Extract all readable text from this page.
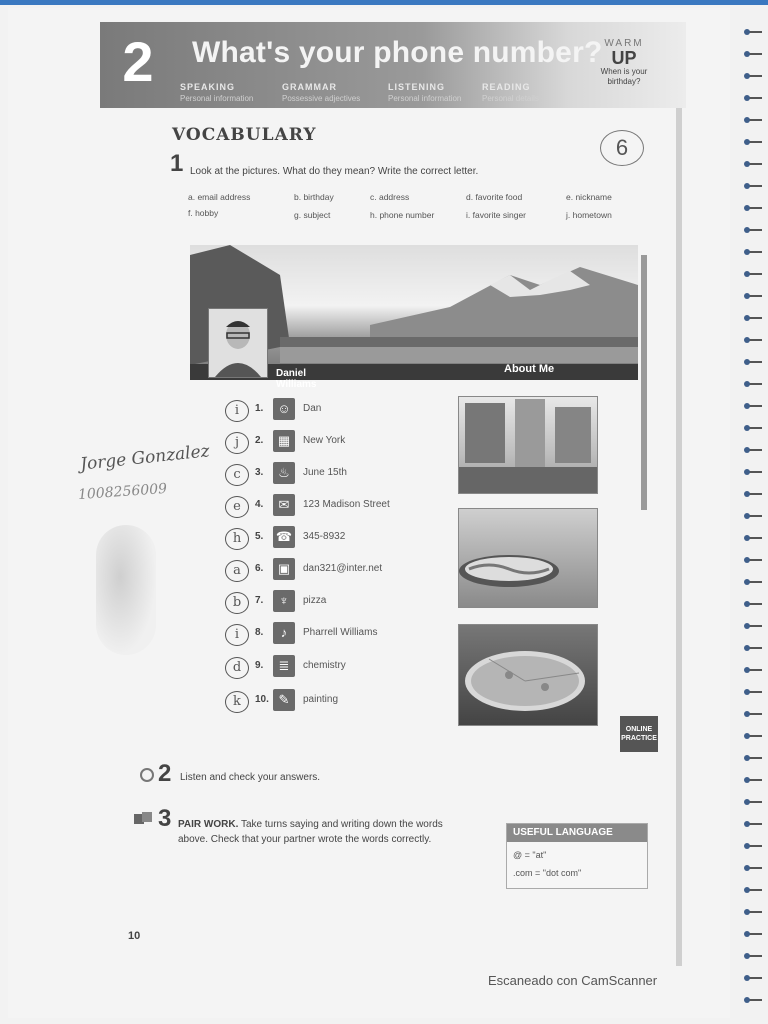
2	What's your phone number?
SPEAKING
Personal information
GRAMMAR
Possessive adjectives
LISTENING
Personal information
READING
Personal details
WARM
UP
When is your birthday?
VOCABULARY	6
1 Look at the pictures. What do they mean? Write the correct letter.
a. email address	b. birthday	c. address	d. favorite food	e. nickname
f. hobby	g. subject	h. phone number	i. favorite singer	j. hometown
Daniel Williams
About Me
i	1.	☺	Dan
j	2.	▦	New York
c	3.	♨	June 15th
e	4.	✉	123 Madison Street
h	5. ☎ 345-8932
a	6.	▣	dan321@inter.net
b	7.	♆	pizza
i	8.	♪	Pharrell Williams
d	9.	≣	chemistry
k	10. ✎	painting
Jorge Gonzalez
1008256009
ONLINE
PRACTICE
2 Listen and check your answers.
3 PAIR WORK. Take turns saying and writing down the words above. Check that your partner wrote the words correctly.
USEFUL LANGUAGE
@ = "at"
.com = "dot com"
10
Escaneado con CamScanner
